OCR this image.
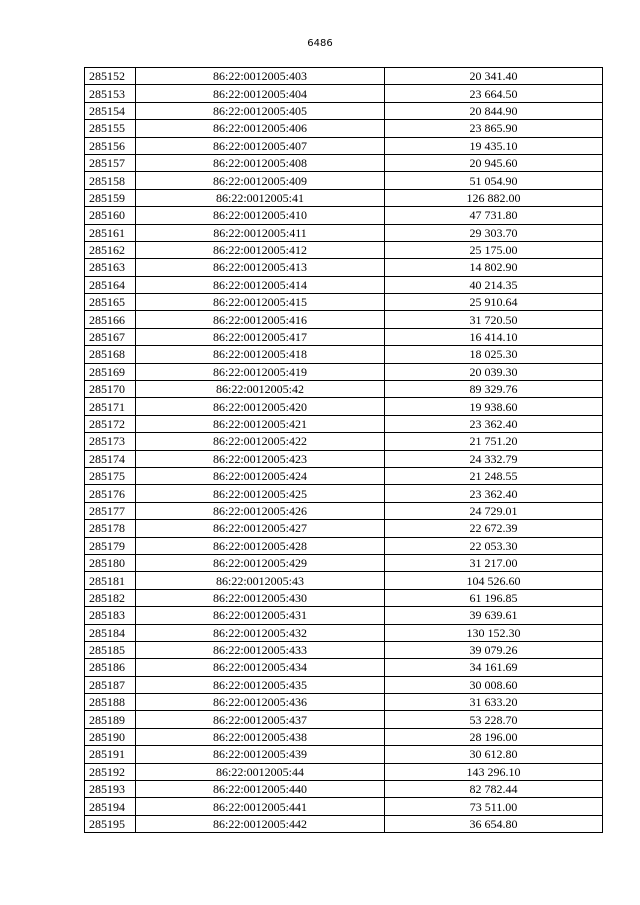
6486
285152	86:22:0012005:403	20 341.40
285153	86:22:0012005:404	23 664.50
285154	86:22:0012005:405	20 844.90
285155	86:22:0012005:406	23 865.90
285156	86:22:0012005:407	19 435.10
285157	86:22:0012005:408	20 945.60
285158	86:22:0012005:409	51 054.90
285159	86:22:0012005:41	126 882.00
285160	86:22:0012005:410	47 731.80
285161	86:22:0012005:411	29 303.70
285162	86:22:0012005:412	25 175.00
285163	86:22:0012005:413	14 802.90
285164	86:22:0012005:414	40 214.35
285165	86:22:0012005:415	25 910.64
285166	86:22:0012005:416	31 720.50
285167	86:22:0012005:417	16 414.10
285168	86:22:0012005:418	18 025.30
285169	86:22:0012005:419	20 039.30
285170	86:22:0012005:42	89 329.76
285171	86:22:0012005:420	19 938.60
285172	86:22:0012005:421	23 362.40
285173	86:22:0012005:422	21 751.20
285174	86:22:0012005:423	24 332.79
285175	86:22:0012005:424	21 248.55
285176	86:22:0012005:425	23 362.40
285177	86:22:0012005:426	24 729.01
285178	86:22:0012005:427	22 672.39
285179	86:22:0012005:428	22 053.30
285180	86:22:0012005:429	31 217.00
285181	86:22:0012005:43	104 526.60
285182	86:22:0012005:430	61 196.85
285183	86:22:0012005:431	39 639.61
285184	86:22:0012005:432	130 152.30
285185	86:22:0012005:433	39 079.26
285186	86:22:0012005:434	34 161.69
285187	86:22:0012005:435	30 008.60
285188	86:22:0012005:436	31 633.20
285189	86:22:0012005:437	53 228.70
285190	86:22:0012005:438	28 196.00
285191	86:22:0012005:439	30 612.80
285192	86:22:0012005:44	143 296.10
285193	86:22:0012005:440	82 782.44
285194	86:22:0012005:441	73 511.00
285195	86:22:0012005:442	36 654.80
